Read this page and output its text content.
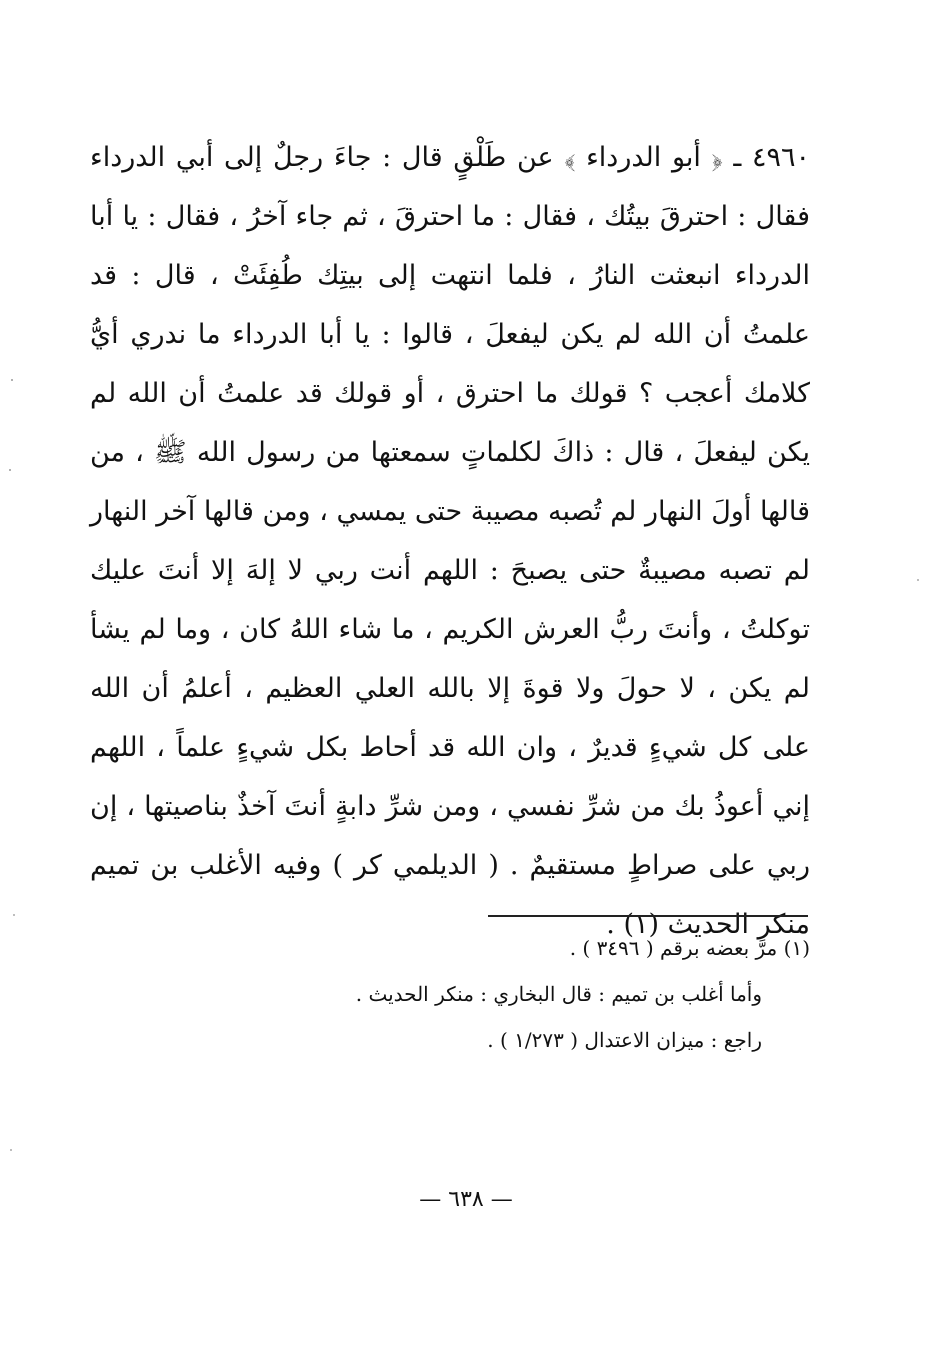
٤٩٦٠ ـ ﴿ أبو الدرداء ﴾ عن طَلْقٍ قال : جاءَ رجلٌ إلى أبي الدرداء فقال : احترقَ بيتُك ، فقال : ما احترقَ ، ثم جاء آخرُ ، فقال : يا أبا الدرداء انبعثت النارُ ، فلما انتهت إلى بيتِك طُفِئَتْ ، قال : قد علمتُ أن الله لم يكن ليفعلَ ، قالوا : يا أبا الدرداء ما ندري أيُّ كلامك أعجب ؟ قولك ما احترق ، أو قولك قد علمتُ أن الله لم يكن ليفعلَ ، قال : ذاكَ لكلماتٍ سمعتها من رسول الله ﷺ ، من قالها أولَ النهار لم تُصبه مصيبة حتى يمسي ، ومن قالها آخر النهار لم تصبه مصيبةٌ حتى يصبحَ : اللهم أنت ربي لا إلهَ إلا أنتَ عليك توكلتُ ، وأنتَ ربُّ العرش الكريم ، ما شاء اللهُ كان ، وما لم يشأ لم يكن ، لا حولَ ولا قوةَ إلا بالله العلي العظيم ، أعلمُ أن الله على كل شيءٍ قديرٌ ، وان الله قد أحاط بكل شيءٍ علماً ، اللهم إني أعوذُ بك من شرِّ نفسي ، ومن شرِّ دابةٍ أنتَ آخذٌ بناصيتها ، إن ربي على صراطٍ مستقيمٌ . ( الديلمي كر ) وفيه الأغلب بن تميم منكر الحديث (١) .

(١) مرَّ بعضه برقم ( ٣٤٩٦ ) .
وأما أغلب بن تميم : قال البخاري : منكر الحديث .
راجع : ميزان الاعتدال ( ١/٢٧٣ ) .
— ٦٣٨ —
